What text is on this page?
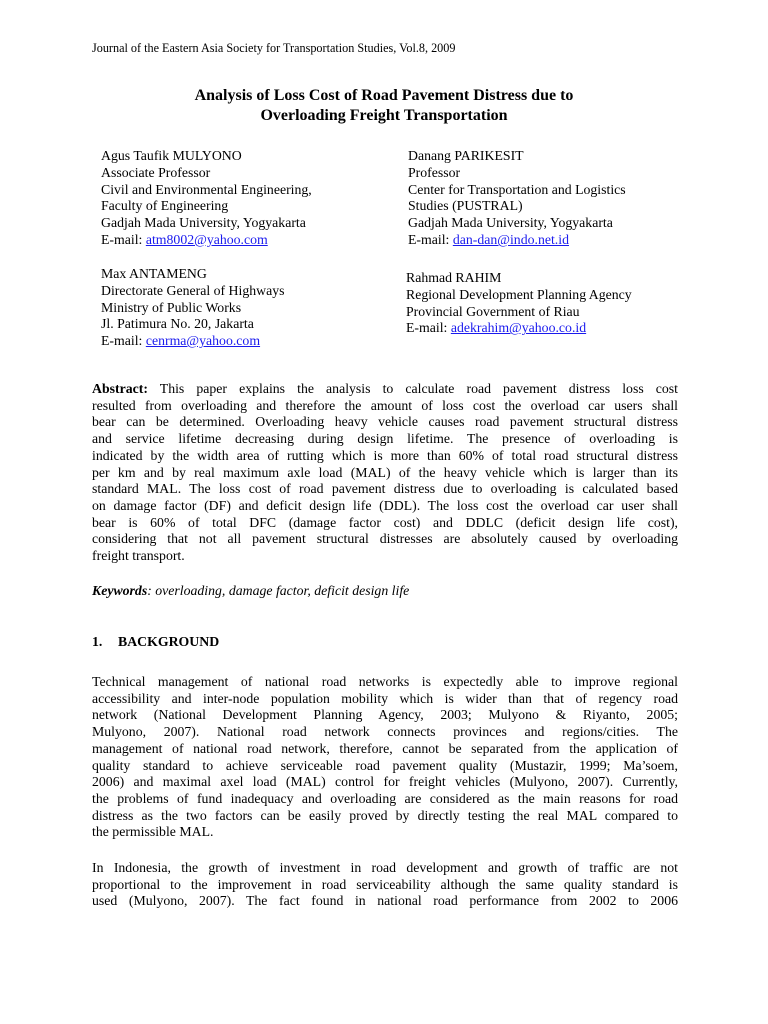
Journal of the Eastern Asia Society for Transportation Studies, Vol.8, 2009
Analysis of Loss Cost of Road Pavement Distress due to
Overloading Freight Transportation
Agus Taufik MULYONO
Associate Professor
Civil and Environmental Engineering,
Faculty of Engineering
Gadjah Mada University, Yogyakarta
E-mail: atm8002@yahoo.com
Danang PARIKESIT
Professor
Center for Transportation and Logistics
Studies (PUSTRAL)
Gadjah Mada University, Yogyakarta
E-mail: dan-dan@indo.net.id
Max ANTAMENG
Directorate General of Highways
Ministry of Public Works
Jl. Patimura No. 20, Jakarta
E-mail: cenrma@yahoo.com
Rahmad RAHIM
Regional Development Planning Agency
Provincial Government of Riau
E-mail: adekrahim@yahoo.co.id
Abstract: This paper explains the analysis to calculate road pavement distress loss cost
resulted from overloading and therefore the amount of loss cost the overload car users shall
bear can be determined. Overloading heavy vehicle causes road pavement structural distress
and service lifetime decreasing during design lifetime. The presence of overloading is
indicated by the width area of rutting which is more than 60% of total road structural distress
per km and by real maximum axle load (MAL) of the heavy vehicle which is larger than its
standard MAL. The loss cost of road pavement distress due to overloading is calculated based
on damage factor (DF) and deficit design life (DDL). The loss cost the overload car user shall
bear is 60% of total DFC (damage factor cost) and DDLC (deficit design life cost),
considering that not all pavement structural distresses are absolutely caused by overloading
freight transport.
Keywords: overloading, damage factor, deficit design life
1. BACKGROUND
Technical management of national road networks is expectedly able to improve regional
accessibility and inter-node population mobility which is wider than that of regency road
network (National Development Planning Agency, 2003; Mulyono & Riyanto, 2005;
Mulyono, 2007). National road network connects provinces and regions/cities. The
management of national road network, therefore, cannot be separated from the application of
quality standard to achieve serviceable road pavement quality (Mustazir, 1999; Ma’soem,
2006) and maximal axel load (MAL) control for freight vehicles (Mulyono, 2007). Currently,
the problems of fund inadequacy and overloading are considered as the main reasons for road
distress as the two factors can be easily proved by directly testing the real MAL compared to
the permissible MAL.
In Indonesia, the growth of investment in road development and growth of traffic are not
proportional to the improvement in road serviceability although the same quality standard is
used (Mulyono, 2007). The fact found in national road performance from 2002 to 2006
